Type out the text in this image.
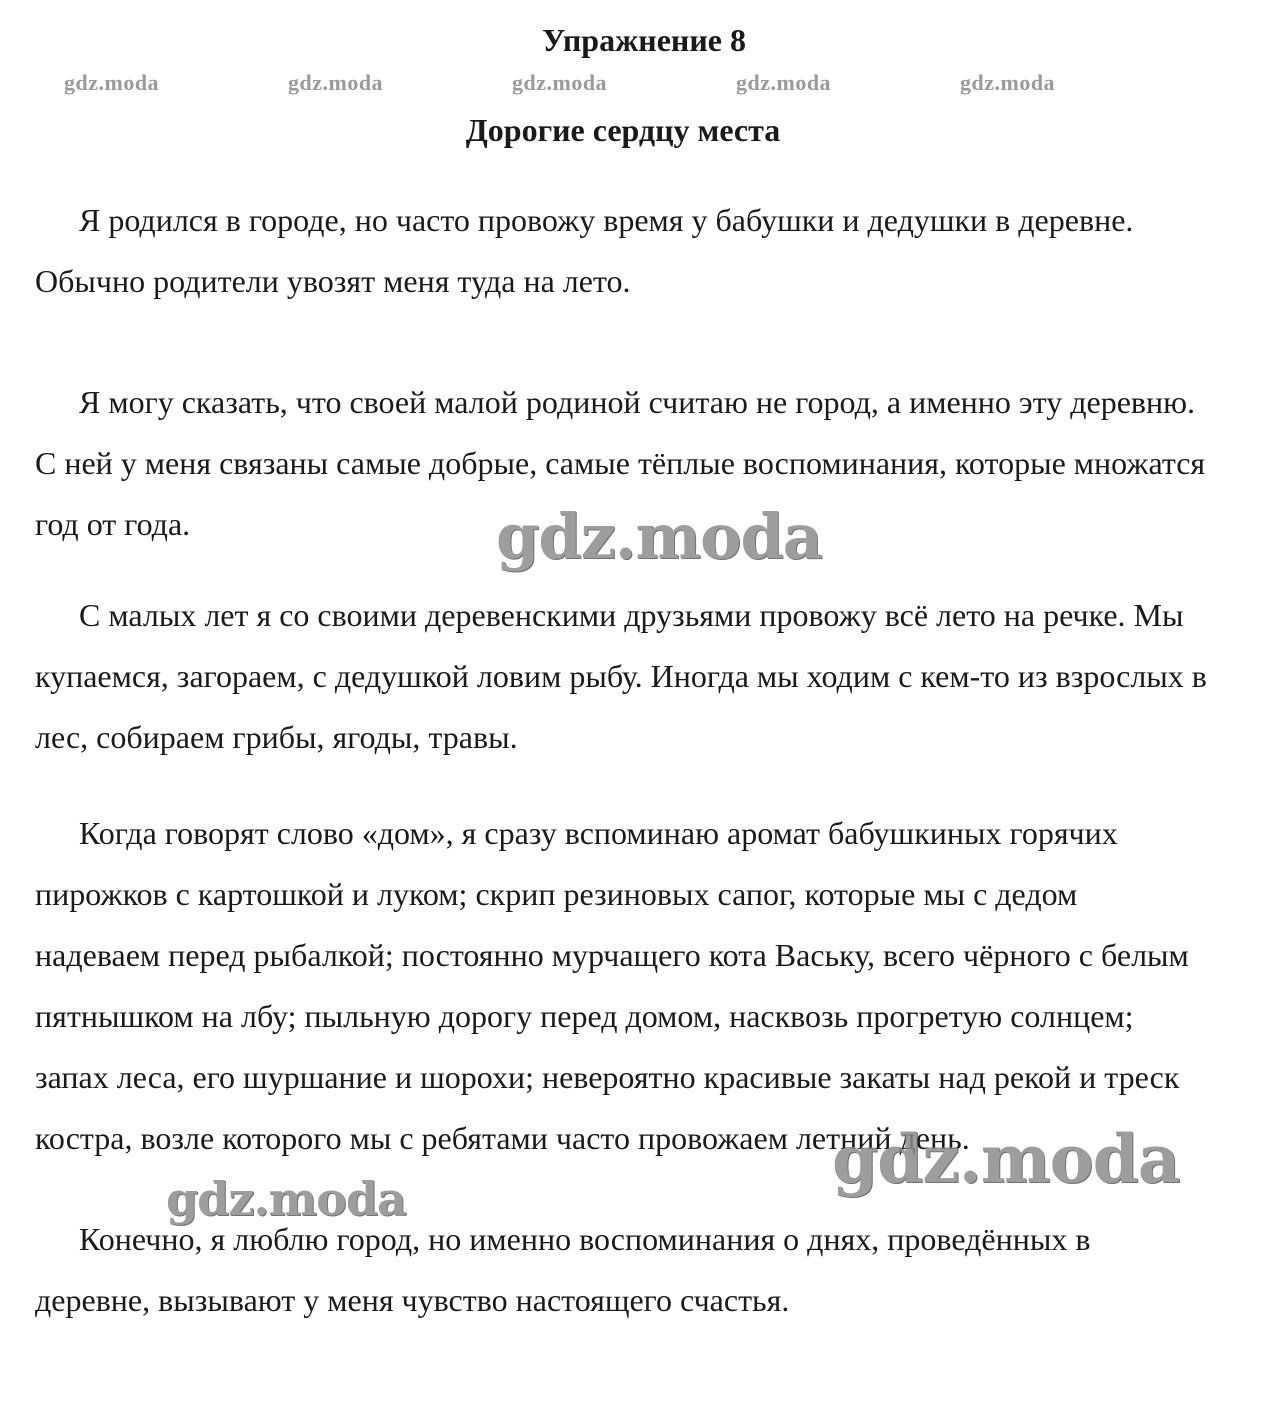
Упражнение 8
gdz.moda	gdz.moda	gdz.moda	gdz.moda	gdz.moda
Дорогие сердцу места

Я родился в городе, но часто провожу время у бабушки и дедушки в деревне. Обычно родители увозят меня туда на лето.

Я могу сказать, что своей малой родиной считаю не город, а именно эту деревню. С ней у меня связаны самые добрые, самые тёплые воспоминания, которые множатся год от года.

С малых лет я со своими деревенскими друзьями провожу всё лето на речке. Мы купаемся, загораем, с дедушкой ловим рыбу. Иногда мы ходим с кем-то из взрослых в лес, собираем грибы, ягоды, травы.

Когда говорят слово «дом», я сразу вспоминаю аромат бабушкиных горячих пирожков с картошкой и луком; скрип резиновых сапог, которые мы с дедом надеваем перед рыбалкой; постоянно мурчащего кота Ваську, всего чёрного с белым пятнышком на лбу; пыльную дорогу перед домом, насквозь прогретую солнцем; запах леса, его шуршание и шорохи; невероятно красивые закаты над рекой и треск костра, возле которого мы с ребятами часто провожаем летний день.

Конечно, я люблю город, но именно воспоминания о днях, проведённых в деревне, вызывают у меня чувство настоящего счастья.

gdz.moda
gdz.moda
gdz.moda
